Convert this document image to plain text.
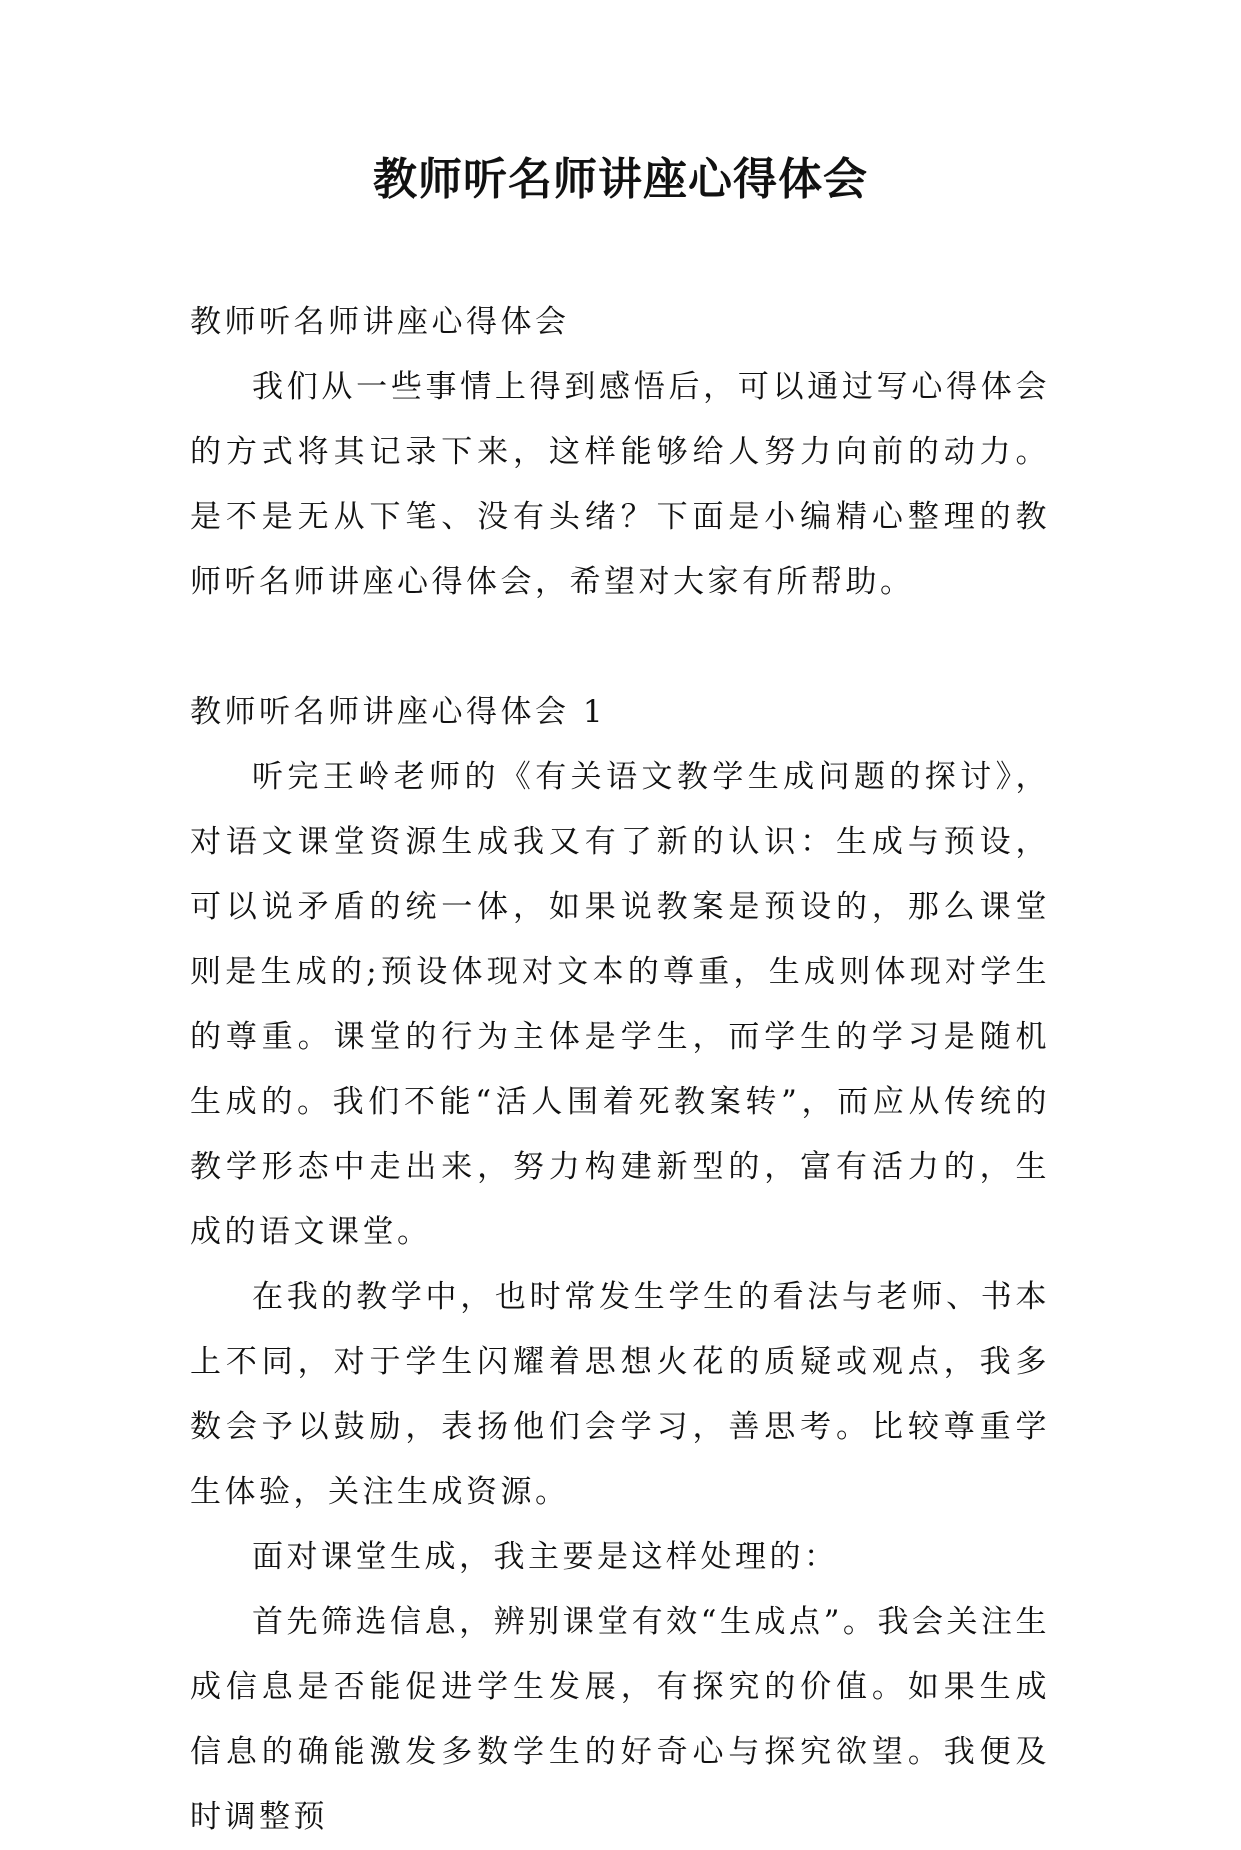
教师听名师讲座心得体会

教师听名师讲座心得体会

我们从一些事情上得到感悟后，可以通过写心得体会的方式将其记录下来，这样能够给人努力向前的动力。是不是无从下笔、没有头绪？下面是小编精心整理的教师听名师讲座心得体会，希望对大家有所帮助。

教师听名师讲座心得体会 1

听完王岭老师的《有关语文教学生成问题的探讨》，对语文课堂资源生成我又有了新的认识：生成与预设，可以说矛盾的统一体，如果说教案是预设的，那么课堂则是生成的;预设体现对文本的尊重，生成则体现对学生的尊重。课堂的行为主体是学生，而学生的学习是随机生成的。我们不能“活人围着死教案转”，而应从传统的教学形态中走出来，努力构建新型的，富有活力的，生成的语文课堂。

在我的教学中，也时常发生学生的看法与老师、书本上不同，对于学生闪耀着思想火花的质疑或观点，我多数会予以鼓励，表扬他们会学习，善思考。比较尊重学生体验，关注生成资源。

面对课堂生成，我主要是这样处理的：

首先筛选信息，辨别课堂有效“生成点”。我会关注生成信息是否能促进学生发展，有探究的价值。如果生成信息的确能激发多数学生的好奇心与探究欲望。我便及时调整预
